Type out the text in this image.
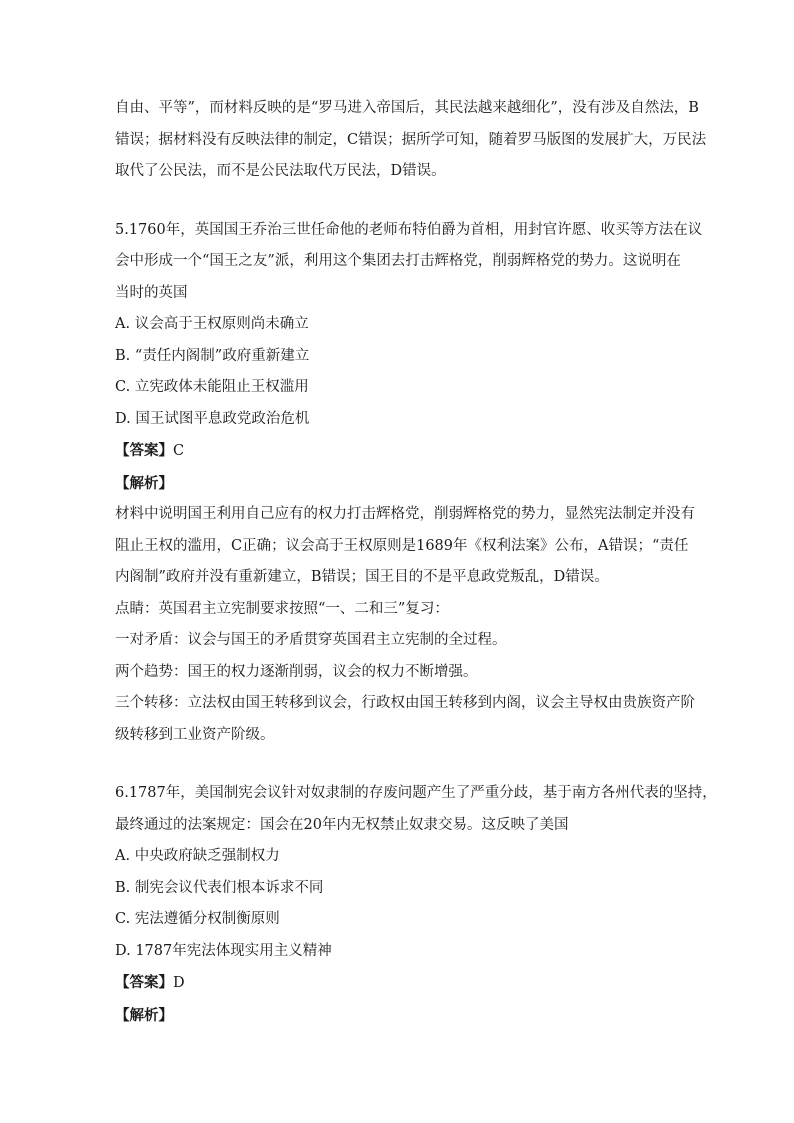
自由、平等”，而材料反映的是“罗马进入帝国后，其民法越来越细化”，没有涉及自然法，B
错误；据材料没有反映法律的制定，C错误；据所学可知，随着罗马版图的发展扩大，万民法
取代了公民法，而不是公民法取代万民法，D错误。
5.1760年，英国国王乔治三世任命他的老师布特伯爵为首相，用封官许愿、收买等方法在议
会中形成一个“国王之友”派，利用这个集团去打击辉格党，削弱辉格党的势力。这说明在
当时的英国
A. 议会高于王权原则尚未确立
B. “责任内阁制”政府重新建立
C. 立宪政体未能阻止王权滥用
D. 国王试图平息政党政治危机
【答案】C
【解析】
材料中说明国王利用自己应有的权力打击辉格党，削弱辉格党的势力，显然宪法制定并没有
阻止王权的滥用，C正确；议会高于王权原则是1689年《权利法案》公布，A错误；“责任
内阁制”政府并没有重新建立，B错误；国王目的不是平息政党叛乱，D错误。
点睛：英国君主立宪制要求按照“一、二和三”复习：
一对矛盾：议会与国王的矛盾贯穿英国君主立宪制的全过程。
两个趋势：国王的权力逐渐削弱，议会的权力不断增强。
三个转移：立法权由国王转移到议会，行政权由国王转移到内阁，议会主导权由贵族资产阶
级转移到工业资产阶级。
6.1787年，美国制宪会议针对奴隶制的存废问题产生了严重分歧，基于南方各州代表的坚持，
最终通过的法案规定：国会在20年内无权禁止奴隶交易。这反映了美国
A. 中央政府缺乏强制权力
B. 制宪会议代表们根本诉求不同
C. 宪法遵循分权制衡原则
D. 1787年宪法体现实用主义精神
【答案】D
【解析】
